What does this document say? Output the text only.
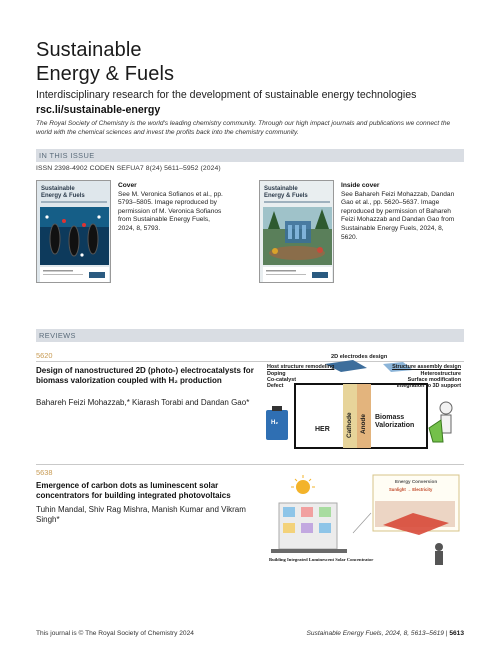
Sustainable
Energy & Fuels
Interdisciplinary research for the development of sustainable energy technologies
rsc.li/sustainable-energy
The Royal Society of Chemistry is the world's leading chemistry community. Through our high impact journals and publications we connect the world with the chemical sciences and invest the profits back into the chemistry community.
IN THIS ISSUE
ISSN 2398-4902 CODEN SEFUA7 8(24) 5611–5952 (2024)
Sustainable
Energy & Fuels
Cover
See M. Veronica Sofianos et al., pp. 5793–5805. Image reproduced by permission of M. Veronica Sofianos from Sustainable Energy Fuels, 2024, 8, 5793.
Sustainable
Energy & Fuels
Inside cover
See Bahareh Feizi Mohazzab, Dandan Gao et al., pp. 5620–5637. Image reproduced by permission of Bahareh Feizi Mohazzab and Dandan Gao from Sustainable Energy Fuels, 2024, 8, 5620.
REVIEWS
5620
Design of nanostructured 2D (photo-) electrocatalysts for biomass valorization coupled with H₂ production
Bahareh Feizi Mohazzab,* Kiarash Torabi and Dandan Gao*
2D electrodes design
Host structure remodeling
Doping
Co-catalyst
Defect
Structure assembly design
Heterostructure
Surface modification
Integration to 3D support
HER	Cathode Anode Biomass Valorization
H₂
5638
Emergence of carbon dots as luminescent solar concentrators for building integrated photovoltaics
Tuhin Mandal, Shiv Rag Mishra, Manish Kumar and Vikram Singh*
Energy Conversion
Sunlight → Electricity
Building Integrated Luminescent Solar Concentrator
This journal is © The Royal Society of Chemistry 2024	Sustainable Energy Fuels, 2024, 8, 5613–5619 | 5613
